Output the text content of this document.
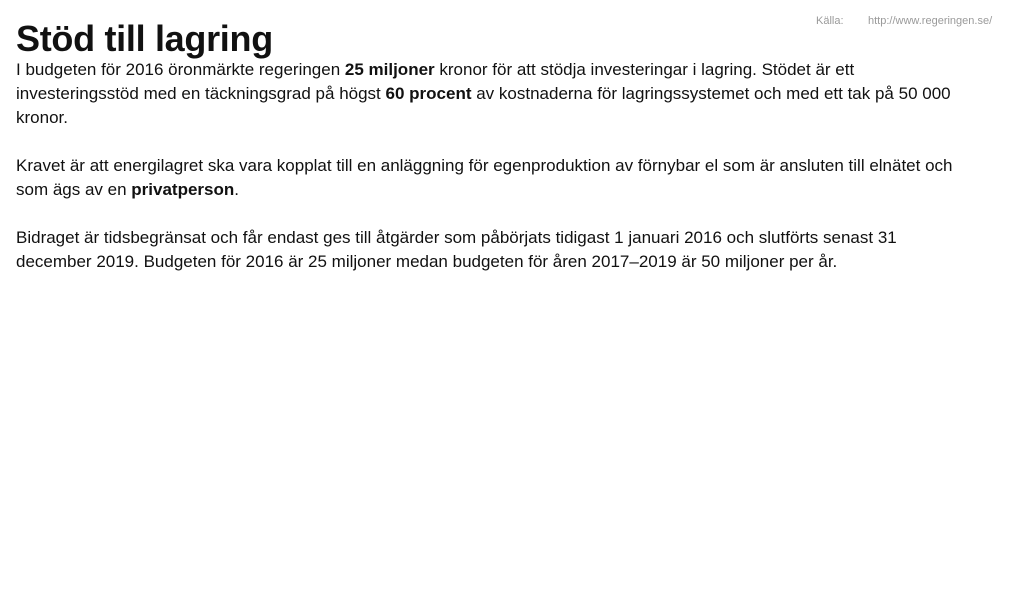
Källa: http://www.regeringen.se/
Stöd till lagring

I budgeten för 2016 öronmärkte regeringen 25 miljoner kronor för att stödja investeringar i lagring. Stödet är ett investeringsstöd med en täckningsgrad på högst 60 procent av kostnaderna för lagringssystemet och med ett tak på 50 000 kronor.

Kravet är att energilagret ska vara kopplat till en anläggning för egenproduktion av förnybar el som är ansluten till elnätet och som ägs av en privatperson.

Bidraget är tidsbegränsat och får endast ges till åtgärder som påbörjats tidigast 1 januari 2016 och slutförts senast 31 december 2019. Budgeten för 2016 är 25 miljoner medan budgeten för åren 2017–2019 är 50 miljoner per år.
